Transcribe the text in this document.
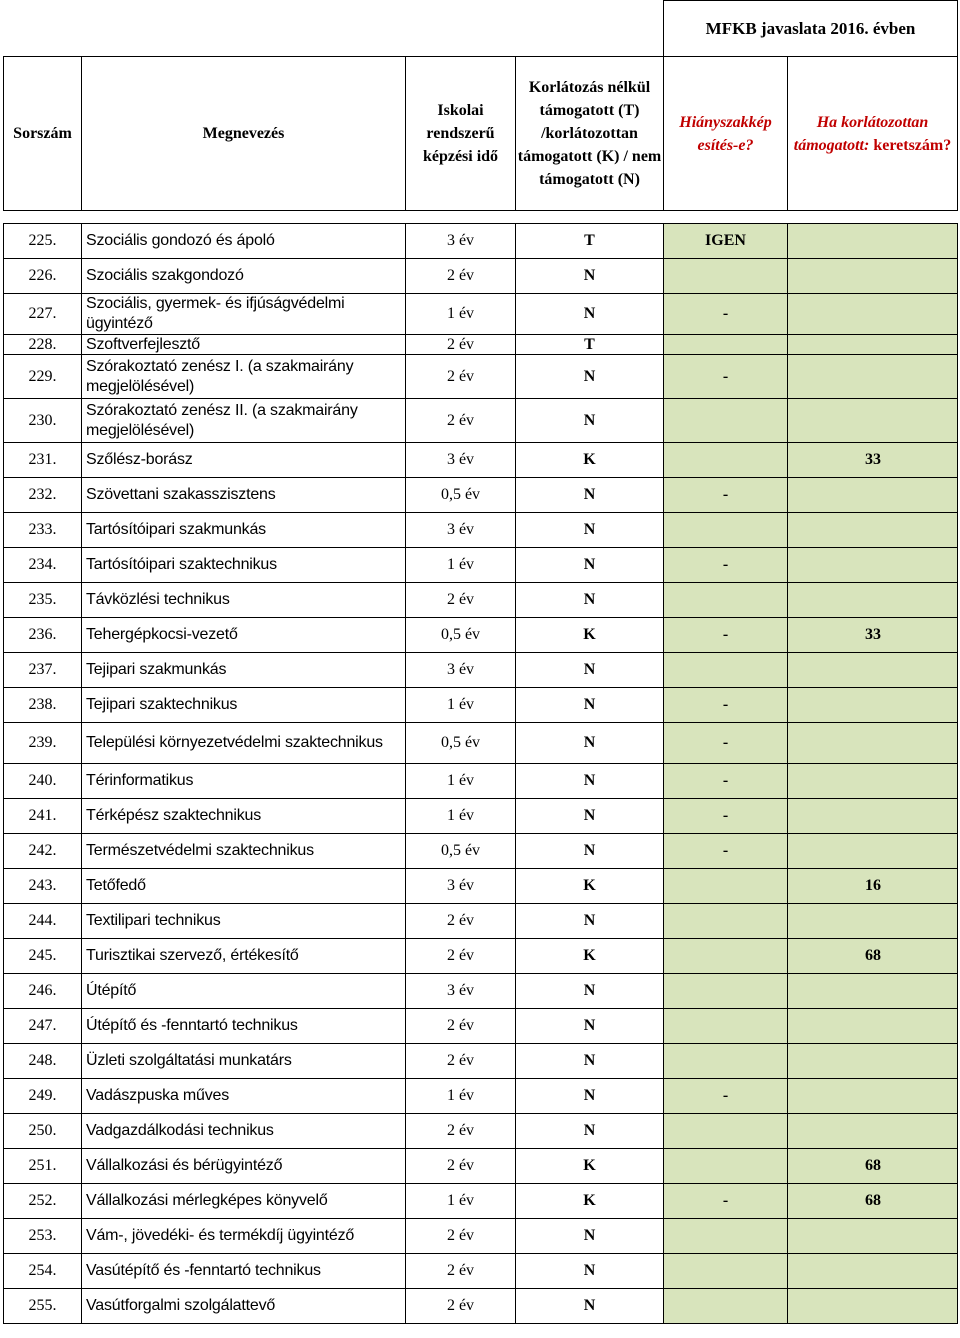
				MFKB javaslata 2016. évben	
Sorszám	Megnevezés	Iskolai rendszerű képzési idő	Korlátozás nélkül támogatott (T) /korlátozottan támogatott (K) / nem támogatott (N)	Hiányszakkép esítés-e?	Ha korlátozottan támogatott: keretszám?

225.	Szociális gondozó és ápoló	3 év	T	IGEN	
226.	Szociális szakgondozó	2 év	N		
227.	Szociális, gyermek- és ifjúságvédelmi ügyintéző	1 év	N	-	
228.	Szoftverfejlesztő	2 év	T		
229.	Szórakoztató zenész I. (a szakmairány megjelölésével)	2 év	N	-	
230.	Szórakoztató zenész II. (a szakmairány megjelölésével)	2 év	N		
231.	Szőlész-borász	3 év	K		33
232.	Szövettani szakasszisztens	0,5 év	N	-	
233.	Tartósítóipari szakmunkás	3 év	N		
234.	Tartósítóipari szaktechnikus	1 év	N	-	
235.	Távközlési technikus	2 év	N		
236.	Tehergépkocsi-vezető	0,5 év	K	-	33
237.	Tejipari szakmunkás	3 év	N		
238.	Tejipari szaktechnikus	1 év	N	-	
239.	Települési környezetvédelmi szaktechnikus	0,5 év	N	-	
240.	Térinformatikus	1 év	N	-	
241.	Térképész szaktechnikus	1 év	N	-	
242.	Természetvédelmi szaktechnikus	0,5 év	N	-	
243.	Tetőfedő	3 év	K		16
244.	Textilipari technikus	2 év	N		
245.	Turisztikai szervező, értékesítő	2 év	K		68
246.	Útépítő	3 év	N		
247.	Útépítő és -fenntartó technikus	2 év	N		
248.	Üzleti szolgáltatási munkatárs	2 év	N		
249.	Vadászpuska műves	1 év	N	-	
250.	Vadgazdálkodási technikus	2 év	N		
251.	Vállalkozási és bérügyintéző	2 év	K		68
252.	Vállalkozási mérlegképes könyvelő	1 év	K	-	68
253.	Vám-, jövedéki- és termékdíj ügyintéző	2 év	N		
254.	Vasútépítő és -fenntartó technikus	2 év	N		
255.	Vasútforgalmi szolgálattevő	2 év	N		
